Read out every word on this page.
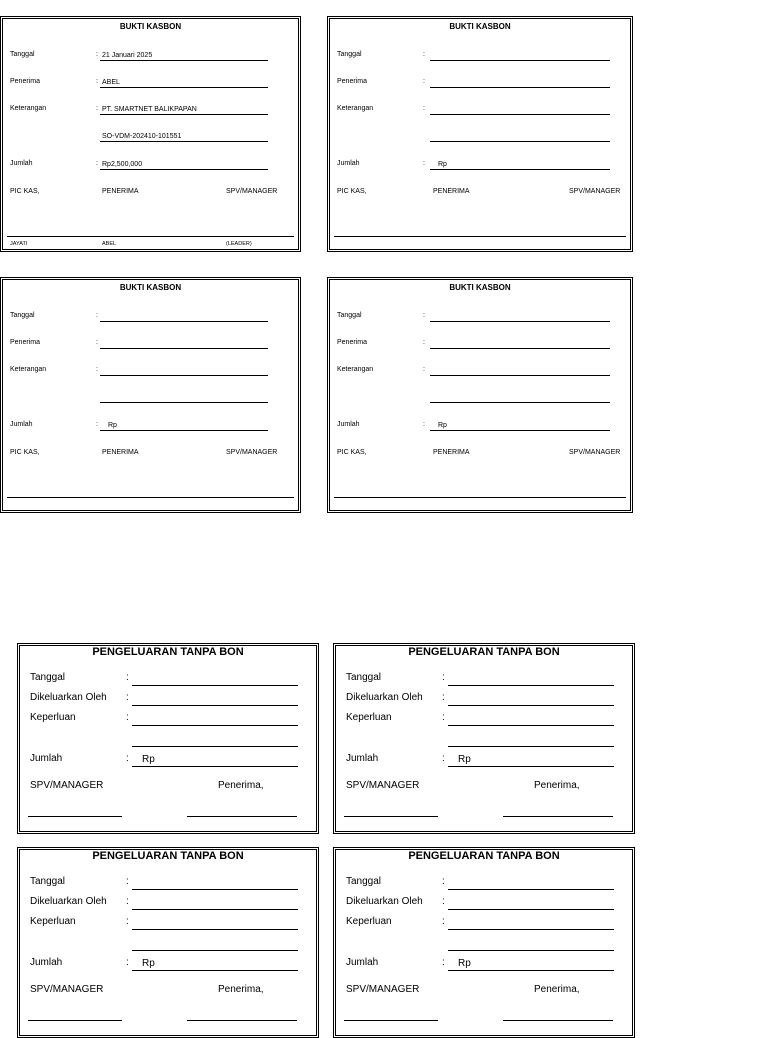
BUKTI KASBON
Tanggal	: 21 Januari 2025
Penerima	: ABEL
Keterangan	: PT. SMARTNET BALIKPAPAN
SO-VDM-202410-101551
Jumlah	: Rp2,500,000
PIC KAS,	PENERIMA	SPV/MANAGER
JAYATI	ABEL	(LEADER)
BUKTI KASBON
Tanggal	:
Penerima	:
Keterangan	:
Jumlah	: Rp
PIC KAS,	PENERIMA	SPV/MANAGER
BUKTI KASBON
Tanggal	:
Penerima	:
Keterangan	:
Jumlah	: Rp
PIC KAS,	PENERIMA	SPV/MANAGER
BUKTI KASBON
Tanggal	:
Penerima	:
Keterangan	:
Jumlah	: Rp
PIC KAS,	PENERIMA	SPV/MANAGER
PENGELUARAN TANPA BON
Tanggal	:
Dikeluarkan Oleh :
Keperluan	:
Jumlah	: Rp
SPV/MANAGER	Penerima,
PENGELUARAN TANPA BON
Tanggal	:
Dikeluarkan Oleh :
Keperluan	:
Jumlah	: Rp
SPV/MANAGER	Penerima,
PENGELUARAN TANPA BON
Tanggal	:
Dikeluarkan Oleh :
Keperluan	:
Jumlah	: Rp
SPV/MANAGER	Penerima,
PENGELUARAN TANPA BON
Tanggal	:
Dikeluarkan Oleh :
Keperluan	:
Jumlah	: Rp
SPV/MANAGER	Penerima,
